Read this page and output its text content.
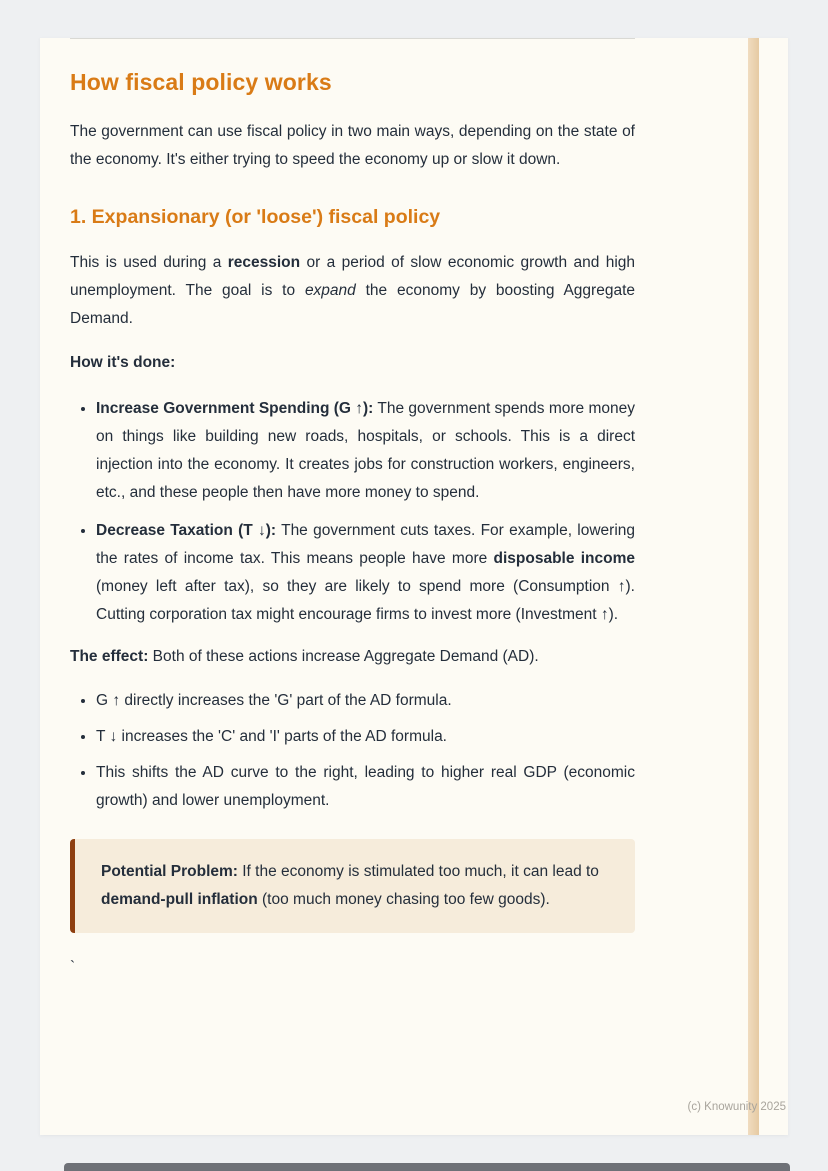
How fiscal policy works

The government can use fiscal policy in two main ways, depending on the state of the economy. It's either trying to speed the economy up or slow it down.

1. Expansionary (or 'loose') fiscal policy

This is used during a recession or a period of slow economic growth and high unemployment. The goal is to expand the economy by boosting Aggregate Demand.

How it's done:

• Increase Government Spending (G ↑): The government spends more money on things like building new roads, hospitals, or schools. This is a direct injection into the economy. It creates jobs for construction workers, engineers, etc., and these people then have more money to spend.
• Decrease Taxation (T ↓): The government cuts taxes. For example, lowering the rates of income tax. This means people have more disposable income (money left after tax), so they are likely to spend more (Consumption ↑). Cutting corporation tax might encourage firms to invest more (Investment ↑).

The effect: Both of these actions increase Aggregate Demand (AD).

• G ↑ directly increases the 'G' part of the AD formula.
• T ↓ increases the 'C' and 'I' parts of the AD formula.
• This shifts the AD curve to the right, leading to higher real GDP (economic growth) and lower unemployment.

Potential Problem: If the economy is stimulated too much, it can lead to demand-pull inflation (too much money chasing too few goods).

`

(c) Knowunity 2025
